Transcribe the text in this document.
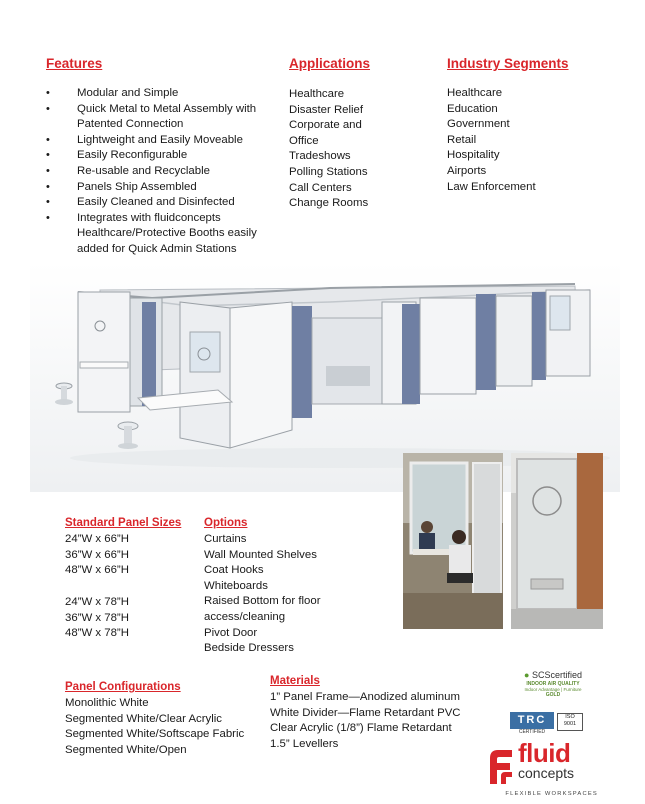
Features
• Modular and Simple
• Quick Metal to Metal Assembly with Patented Connection
• Lightweight and Easily Moveable
• Easily Reconfigurable
• Re-usable and Recyclable
• Panels Ship Assembled
• Easily Cleaned and Disinfected
• Integrates with fluidconcepts Healthcare/Protective Booths easily added for Quick Admin Stations
Applications
Healthcare
Disaster Relief
Corporate and Office
Tradeshows
Polling Stations
Call Centers
Change Rooms
Industry Segments
Healthcare
Education
Government
Retail
Hospitality
Airports
Law Enforcement
Standard Panel Sizes
24”W x 66”H
36”W x 66”H
48”W x 66”H
24”W x 78”H
36”W x 78”H
48”W x 78”H
Options
Curtains
Wall Mounted Shelves
Coat Hooks
Whiteboards
Raised Bottom for floor access/cleaning
Pivot Door
Bedside Dressers
Panel Configurations
Monolithic White
Segmented White/Clear Acrylic
Segmented White/Softscape Fabric
Segmented White/Open
Materials
1” Panel Frame—Anodized aluminum
White Divider—Flame Retardant PVC
Clear Acrylic (1/8”) Flame Retardant
1.5” Levellers
● SCScertified
INDOOR AIR QUALITY
Indoor Advantage | Furniture
GOLD
TRC
CERTIFIED
ISO
9001
fluid
concepts
FLEXIBLE WORKSPACES
